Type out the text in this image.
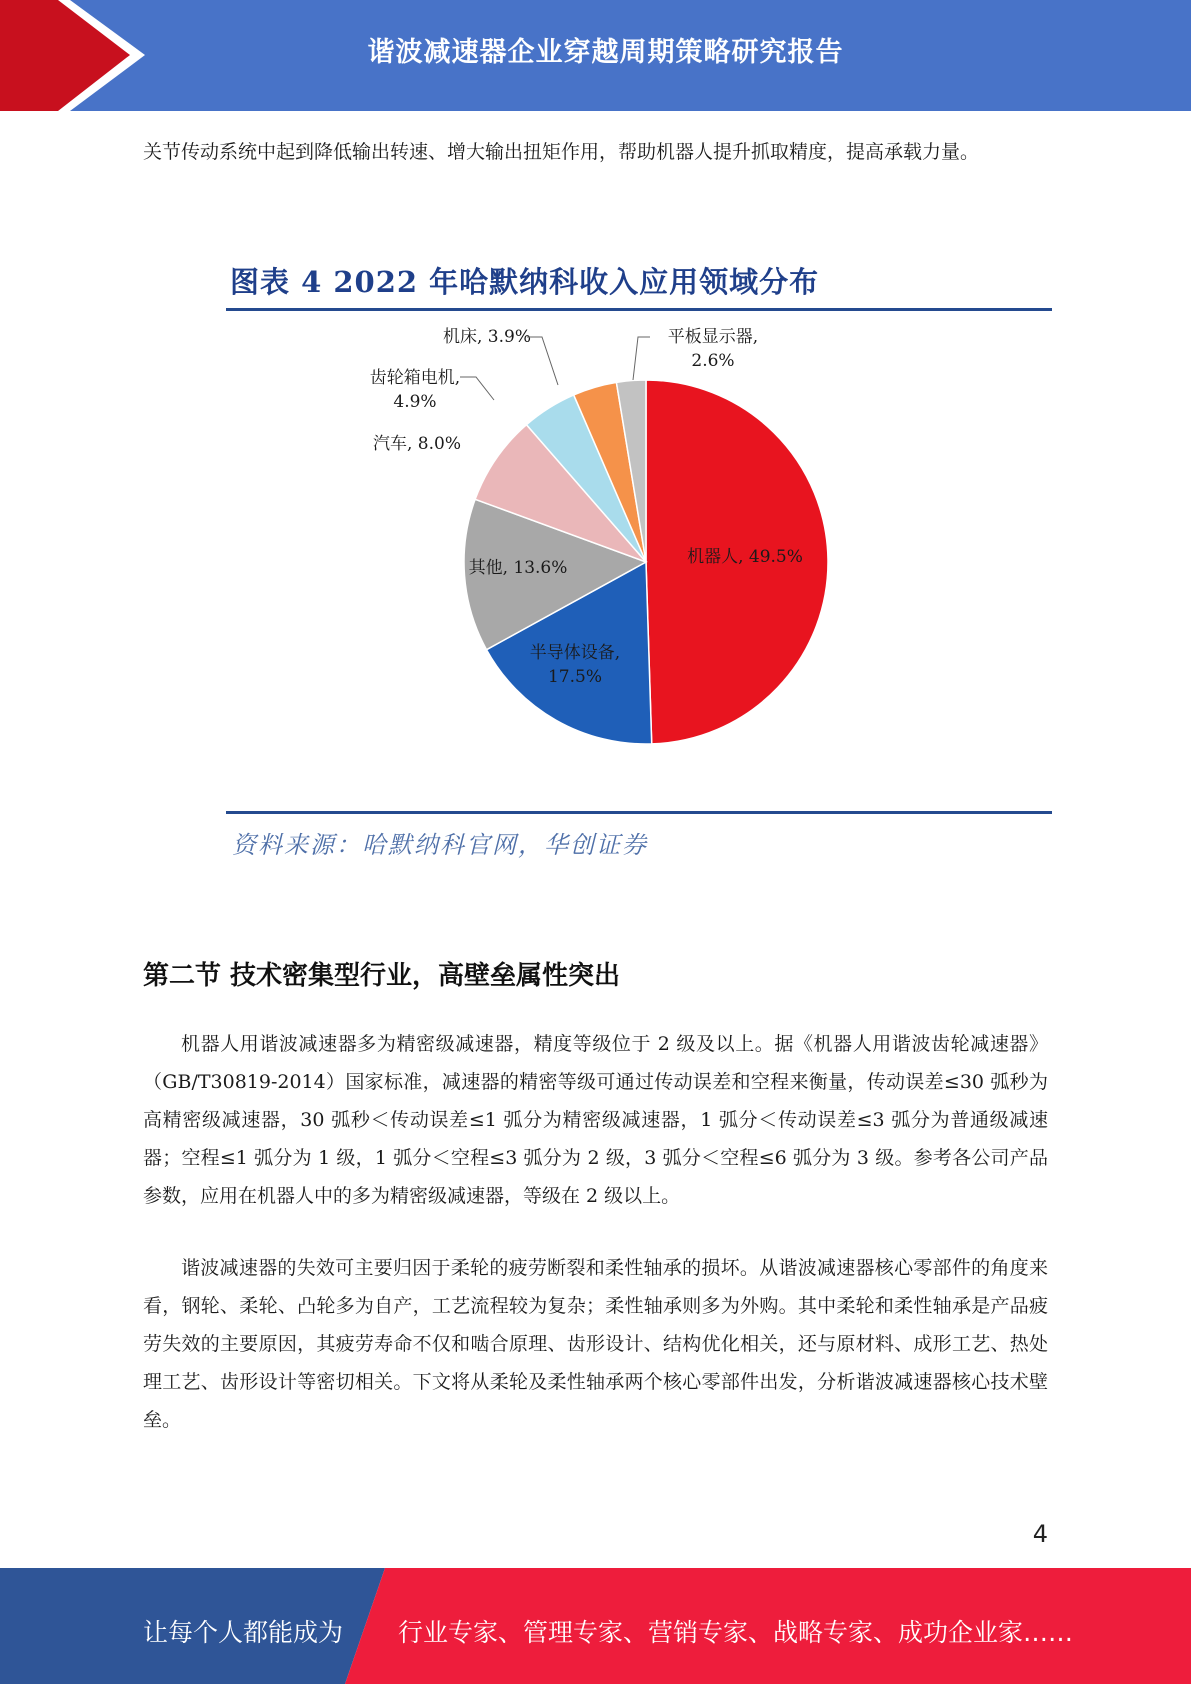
谐波减速器企业穿越周期策略研究报告

关节传动系统中起到降低输出转速、增大输出扭矩作用，帮助机器人提升抓取精度，提高承载力量。

图表 4 2022 年哈默纳科收入应用领域分布
机器人, 49.5%
半导体设备, 17.5%
其他, 13.6%
汽车, 8.0%
齿轮箱电机, 4.9%
机床, 3.9%	平板显示器, 2.6%
资料来源：哈默纳科官网，华创证券
第二节 技术密集型行业，高壁垒属性突出

机器人用谐波减速器多为精密级减速器，精度等级位于 2 级及以上。据《机器人用谐波齿轮减速器》（GB/T30819-2014）国家标准，减速器的精密等级可通过传动误差和空程来衡量，传动误差≤30 弧秒为高精密级减速器，30 弧秒＜传动误差≤1 弧分为精密级减速器，1 弧分＜传动误差≤3 弧分为普通级减速器；空程≤1 弧分为 1 级，1 弧分＜空程≤3 弧分为 2 级，3 弧分＜空程≤6 弧分为 3 级。参考各公司产品参数，应用在机器人中的多为精密级减速器，等级在 2 级以上。

谐波减速器的失效可主要归因于柔轮的疲劳断裂和柔性轴承的损坏。从谐波减速器核心零部件的角度来看，钢轮、柔轮、凸轮多为自产，工艺流程较为复杂；柔性轴承则多为外购。其中柔轮和柔性轴承是产品疲劳失效的主要原因，其疲劳寿命不仅和啮合原理、齿形设计、结构优化相关，还与原材料、成形工艺、热处理工艺、齿形设计等密切相关。下文将从柔轮及柔性轴承两个核心零部件出发，分析谐波减速器核心技术壁垒。

4
让每个人都能成为 行业专家、管理专家、营销专家、战略专家、成功企业家……
